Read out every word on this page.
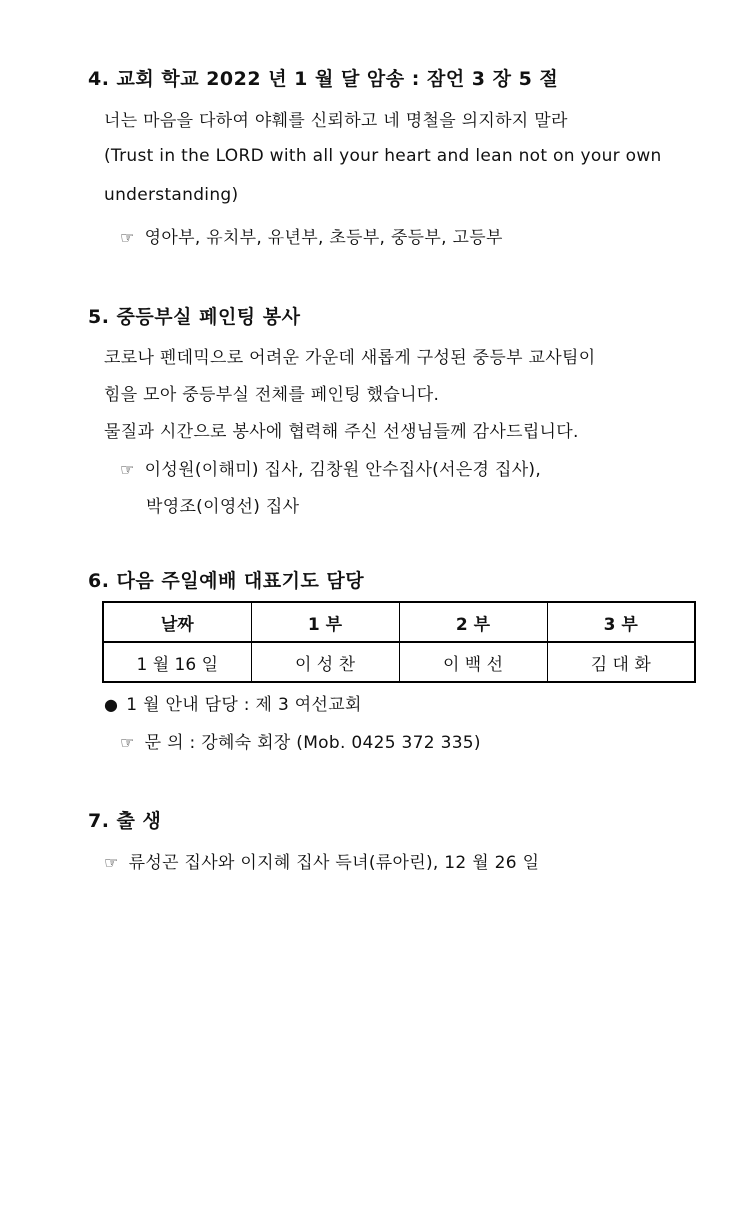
4. 교회 학교 2022 년 1 월 달 암송 : 잠언 3 장 5 절
너는 마음을 다하여 야훼를 신뢰하고 네 명철을 의지하지 말라
(Trust in the LORD with all your heart and lean not on your own
understanding)
☞ 영아부, 유치부, 유년부, 초등부, 중등부, 고등부
5. 중등부실 페인팅 봉사
코로나 펜데믹으로 어려운 가운데 새롭게 구성된 중등부 교사팀이
힘을 모아 중등부실 전체를 페인팅 했습니다.
물질과 시간으로 봉사에 협력해 주신 선생님들께 감사드립니다.
☞ 이성원(이해미) 집사, 김창원 안수집사(서은경 집사),
박영조(이영선) 집사
6. 다음 주일예배 대표기도 담당
날짜	1 부	2 부	3 부
1 월 16 일	이 성 찬	이 백 선	김 대 화
● 1 월 안내 담당 : 제 3 여선교회
☞ 문 의 : 강혜숙 회장 (Mob. 0425 372 335)
7. 출 생
☞ 류성곤 집사와 이지혜 집사 득녀(류아린), 12 월 26 일
